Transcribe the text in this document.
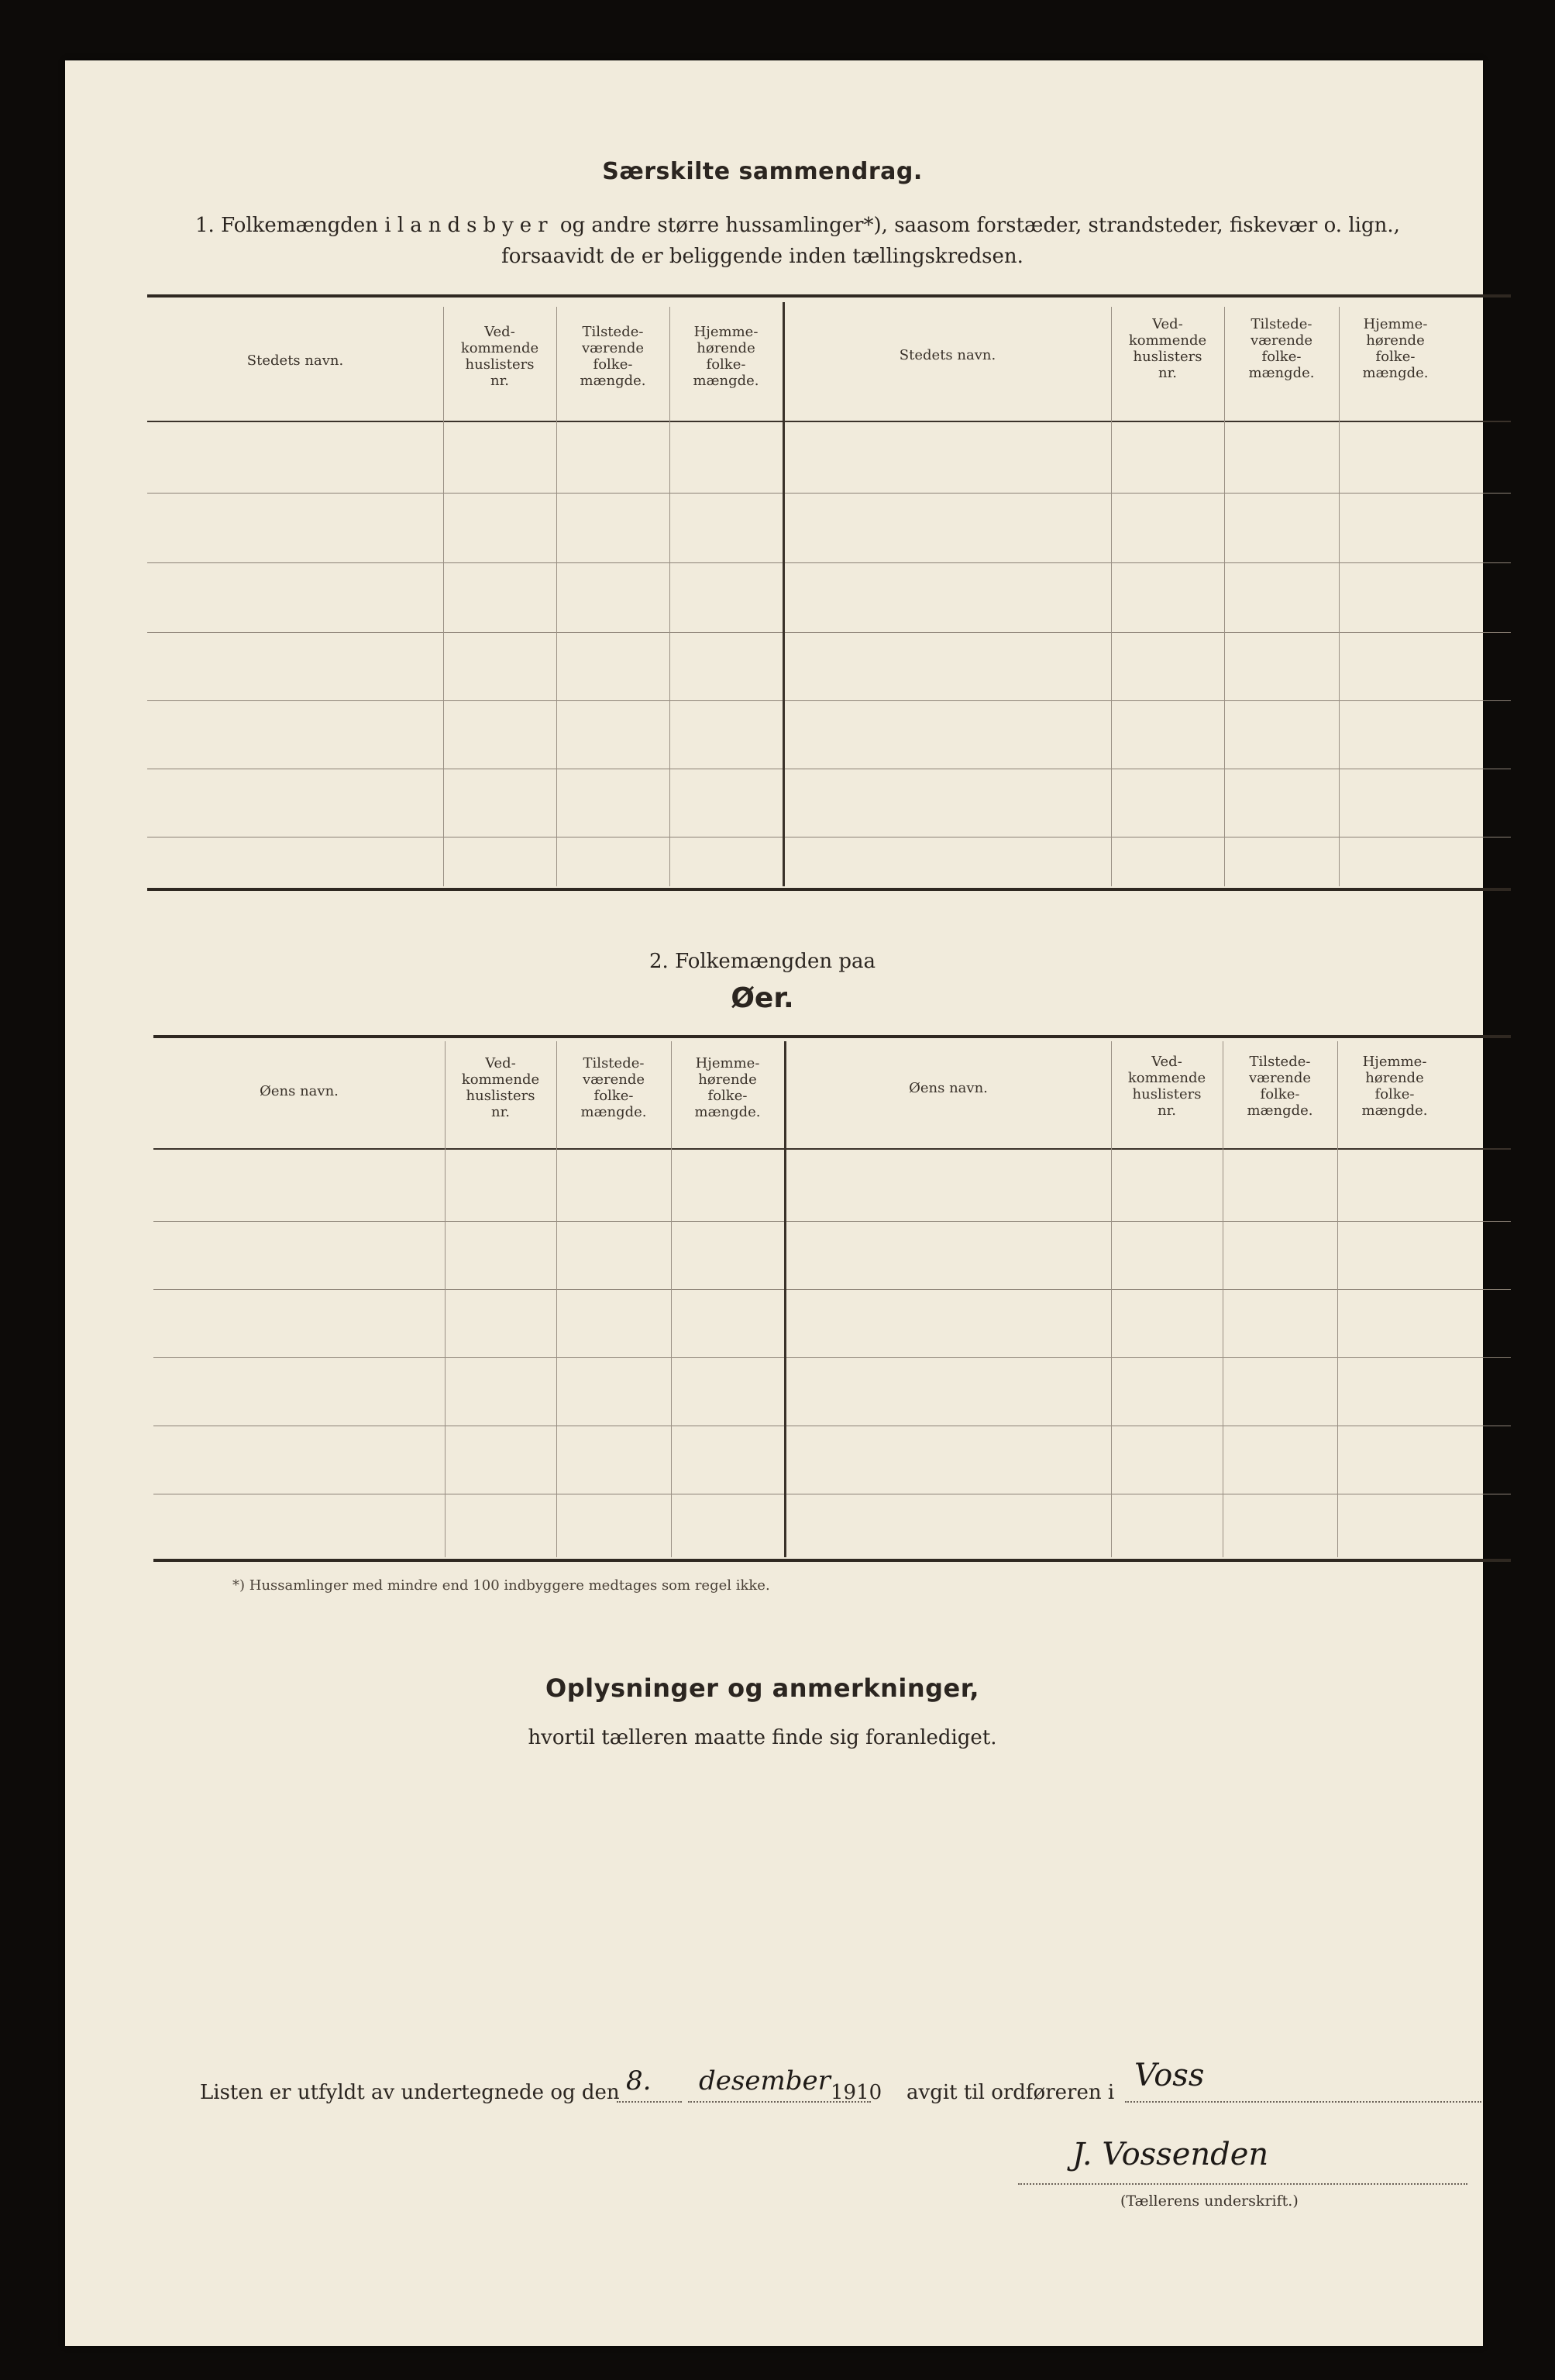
Særskilte sammendrag.
1. Folkemængden i landsbyer og andre større hussamlinger*), saasom forstæder, strandsteder, fiskevær o. lign.,
forsaavidt de er beliggende inden tællingskredsen.
Stedets navn.
Ved-
kommende
huslisters
nr.
Tilstede-
værende
folke-
mængde.
Hjemme-
hørende
folke-
mængde.
Stedets navn.
Ved-
kommende
huslisters
nr.
Tilstede-
værende
folke-
mængde.
Hjemme-
hørende
folke-
mængde.
2. Folkemængden paa
Øer.
Øens navn.
Ved-
kommende
huslisters
nr.
Tilstede-
værende
folke-
mængde.
Hjemme-
hørende
folke-
mængde.
Øens navn.
Ved-
kommende
huslisters
nr.
Tilstede-
værende
folke-
mængde.
Hjemme-
hørende
folke-
mængde.
*) Hussamlinger med mindre end 100 indbyggere medtages som regel ikke.
Oplysninger og anmerkninger,
hvortil tælleren maatte finde sig foranlediget.
Listen er utfyldt av undertegnede og den 8. desember 1910 avgit til ordføreren i Voss
J. Vossenden
(Tællerens underskrift.)
